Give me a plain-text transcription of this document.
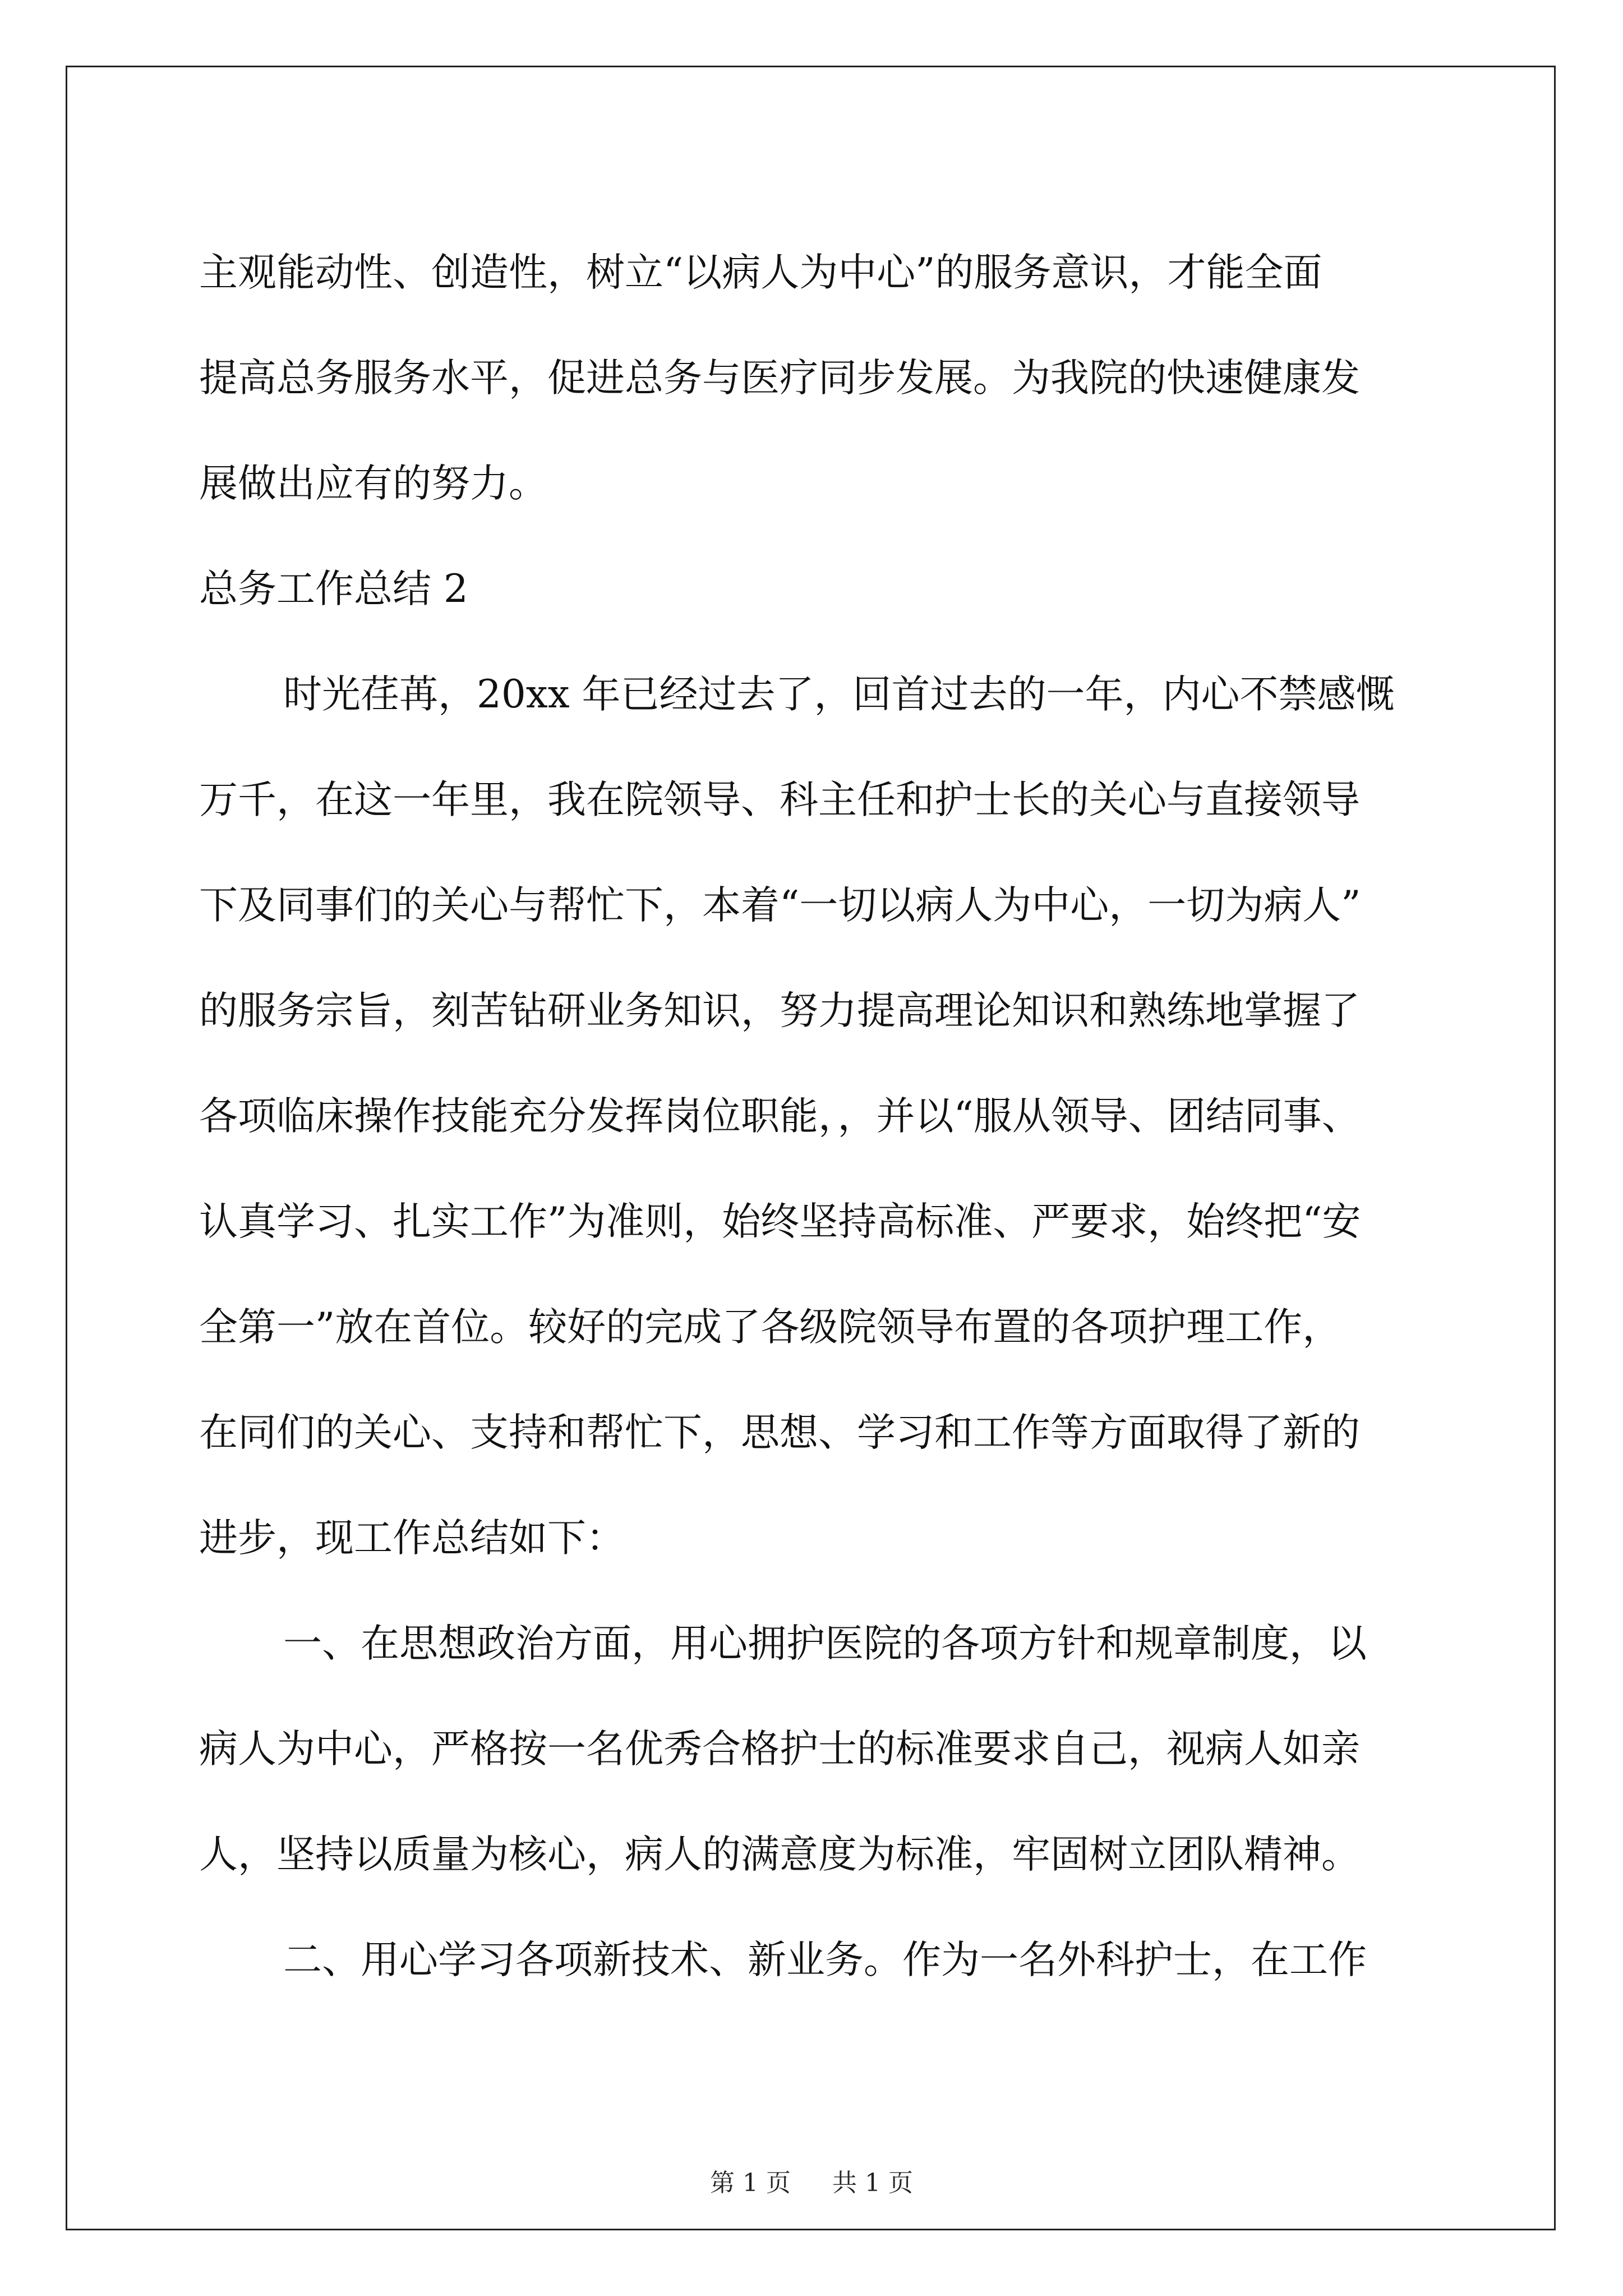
主观能动性、创造性，树立“以病人为中心”的服务意识，才能全面
提高总务服务水平，促进总务与医疗同步发展。为我院的快速健康发
展做出应有的努力。
总务工作总结 2
时光荏苒，20xx 年已经过去了，回首过去的一年，内心不禁感慨
万千，在这一年里，我在院领导、科主任和护士长的关心与直接领导
下及同事们的关心与帮忙下，本着“一切以病人为中心，一切为病人”
的服务宗旨，刻苦钻研业务知识，努力提高理论知识和熟练地掌握了
各项临床操作技能充分发挥岗位职能，，并以“服从领导、团结同事、
认真学习、扎实工作”为准则，始终坚持高标准、严要求，始终把“安
全第一”放在首位。较好的完成了各级院领导布置的各项护理工作，
在同们的关心、支持和帮忙下，思想、学习和工作等方面取得了新的
进步，现工作总结如下：
一、在思想政治方面，用心拥护医院的各项方针和规章制度，以
病人为中心，严格按一名优秀合格护士的标准要求自己，视病人如亲
人，坚持以质量为核心，病人的满意度为标准，牢固树立团队精神。
二、用心学习各项新技术、新业务。作为一名外科护士，在工作
第 1 页 共 1 页
